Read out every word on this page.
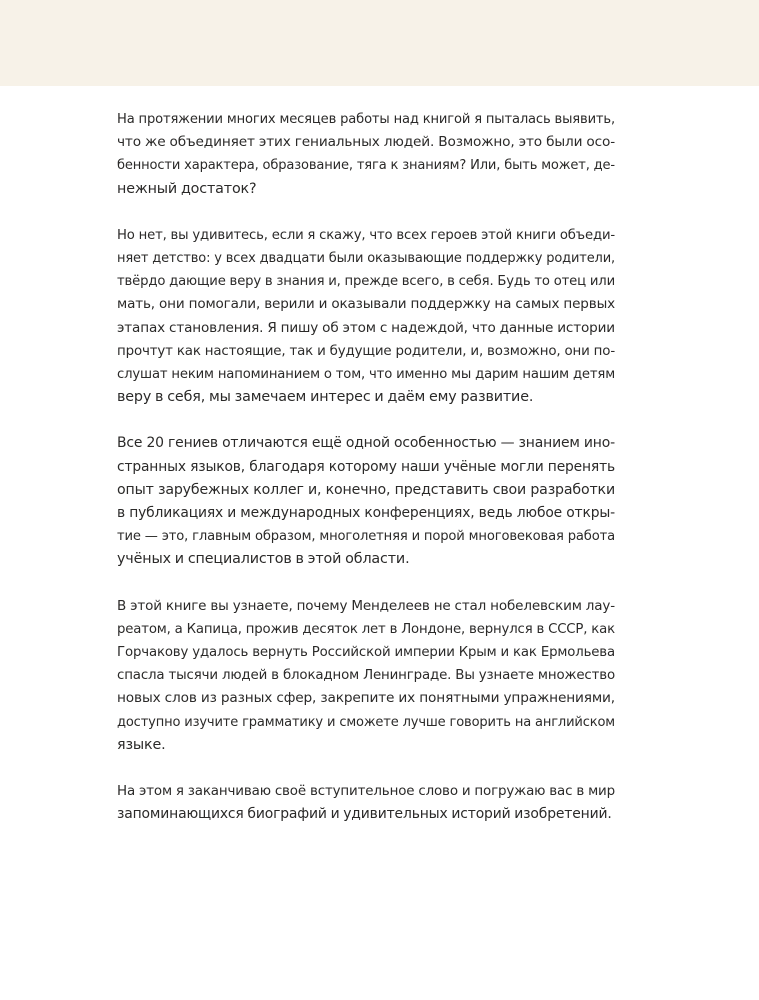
На протяжении многих месяцев работы над книгой я пыталась выявить,
что же объединяет этих гениальных людей. Возможно, это были осо-
бенности характера, образование, тяга к знаниям? Или, быть может, де-
нежный достаток?

Но нет, вы удивитесь, если я скажу, что всех героев этой книги объеди-
няет детство: у всех двадцати были оказывающие поддержку родители,
твёрдо дающие веру в знания и, прежде всего, в себя. Будь то отец или
мать, они помогали, верили и оказывали поддержку на самых первых
этапах становления. Я пишу об этом с надеждой, что данные истории
прочтут как настоящие, так и будущие родители, и, возможно, они по-
слушат неким напоминанием о том, что именно мы дарим нашим детям
веру в себя, мы замечаем интерес и даём ему развитие.

Все 20 гениев отличаются ещё одной особенностью — знанием ино-
странных языков, благодаря которому наши учёные могли перенять
опыт зарубежных коллег и, конечно, представить свои разработки
в публикациях и международных конференциях, ведь любое откры-
тие — это, главным образом, многолетняя и порой многовековая работа
учёных и специалистов в этой области.

В этой книге вы узнаете, почему Менделеев не стал нобелевским лау-
реатом, а Капица, прожив десяток лет в Лондоне, вернулся в СССР, как
Горчакову удалось вернуть Российской империи Крым и как Ермольева
спасла тысячи людей в блокадном Ленинграде. Вы узнаете множество
новых слов из разных сфер, закрепите их понятными упражнениями,
доступно изучите грамматику и сможете лучше говорить на английском
языке.

На этом я заканчиваю своё вступительное слово и погружаю вас в мир
запоминающихся биографий и удивительных историй изобретений.
